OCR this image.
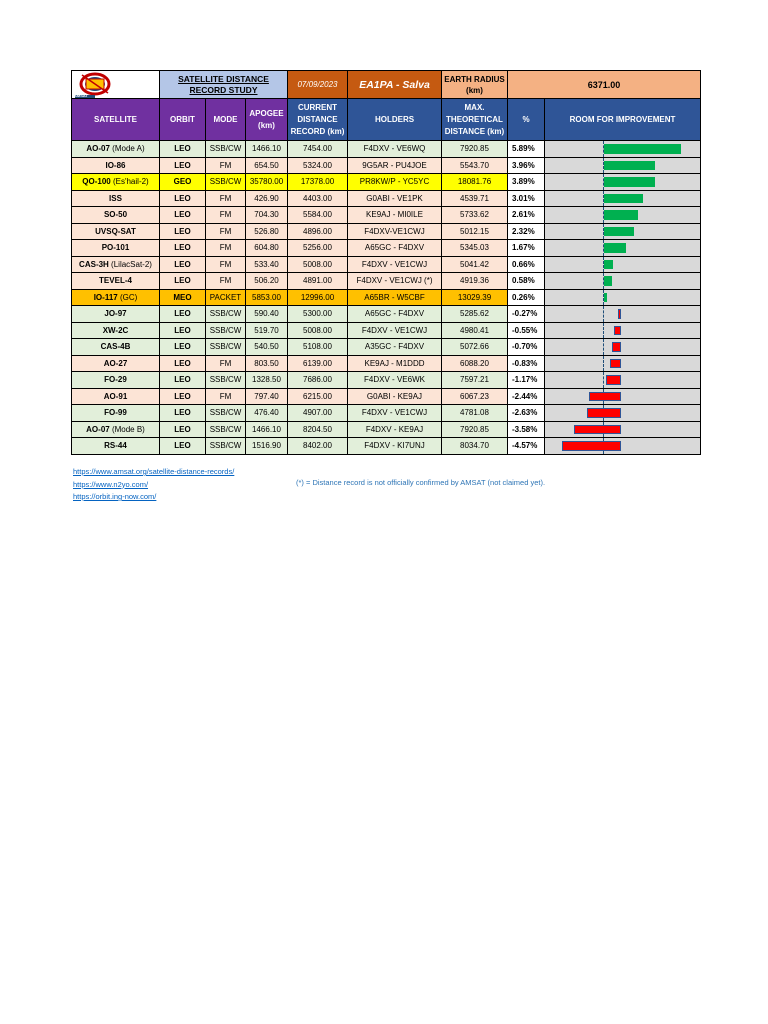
AMSAT	SATELLITE DISTANCE
RECORD STUDY			07/09/2023	EA1PA - Salva	EARTH RADIUS (km)	6371.00	
SATELLITE	ORBIT	MODE	APOGEE (km)	CURRENT DISTANCE RECORD (km)	HOLDERS	MAX. THEORETICAL DISTANCE (km)	%	ROOM FOR IMPROVEMENT
AO-07 (Mode A)	LEO	SSB/CW	1466.10	7454.00	F4DXV - VE6WQ	7920.85	5.89%	

IO-86	LEO	FM	654.50	5324.00	9G5AR - PU4JOE	5543.70	3.96%	

QO-100 (Es'hail-2)	GEO	SSB/CW	35780.00	17378.00	PR8KW/P - YC5YC	18081.76	3.89%	

ISS	LEO	FM	426.90	4403.00	G0ABI - VE1PK	4539.71	3.01%	

SO-50	LEO	FM	704.30	5584.00	KE9AJ - MI0ILE	5733.62	2.61%	

UVSQ-SAT	LEO	FM	526.80	4896.00	F4DXV-VE1CWJ	5012.15	2.32%	

PO-101	LEO	FM	604.80	5256.00	A65GC - F4DXV	5345.03	1.67%	

CAS-3H (LilacSat-2)	LEO	FM	533.40	5008.00	F4DXV - VE1CWJ	5041.42	0.66%	

TEVEL-4	LEO	FM	506.20	4891.00	F4DXV - VE1CWJ (*)	4919.36	0.58%	

IO-117 (GC)	MEO	PACKET	5853.00	12996.00	A65BR - W5CBF	13029.39	0.26%	

JO-97	LEO	SSB/CW	590.40	5300.00	A65GC - F4DXV	5285.62	-0.27%	

XW-2C	LEO	SSB/CW	519.70	5008.00	F4DXV - VE1CWJ	4980.41	-0.55%	

CAS-4B	LEO	SSB/CW	540.50	5108.00	A35GC - F4DXV	5072.66	-0.70%	

AO-27	LEO	FM	803.50	6139.00	KE9AJ - M1DDD	6088.20	-0.83%	

FO-29	LEO	SSB/CW	1328.50	7686.00	F4DXV - VE6WK	7597.21	-1.17%	

AO-91	LEO	FM	797.40	6215.00	G0ABI - KE9AJ	6067.23	-2.44%	

FO-99	LEO	SSB/CW	476.40	4907.00	F4DXV - VE1CWJ	4781.08	-2.63%	

AO-07 (Mode B)	LEO	SSB/CW	1466.10	8204.50	F4DXV - KE9AJ	7920.85	-3.58%	

RS-44	LEO	SSB/CW	1516.90	8402.00	F4DXV - KI7UNJ	8034.70	-4.57%	
https://www.amsat.org/satellite-distance-records/
https://www.n2yo.com/
https://orbit.ing-now.com/
(*) = Distance record is not officially confirmed by AMSAT (not claimed yet).
